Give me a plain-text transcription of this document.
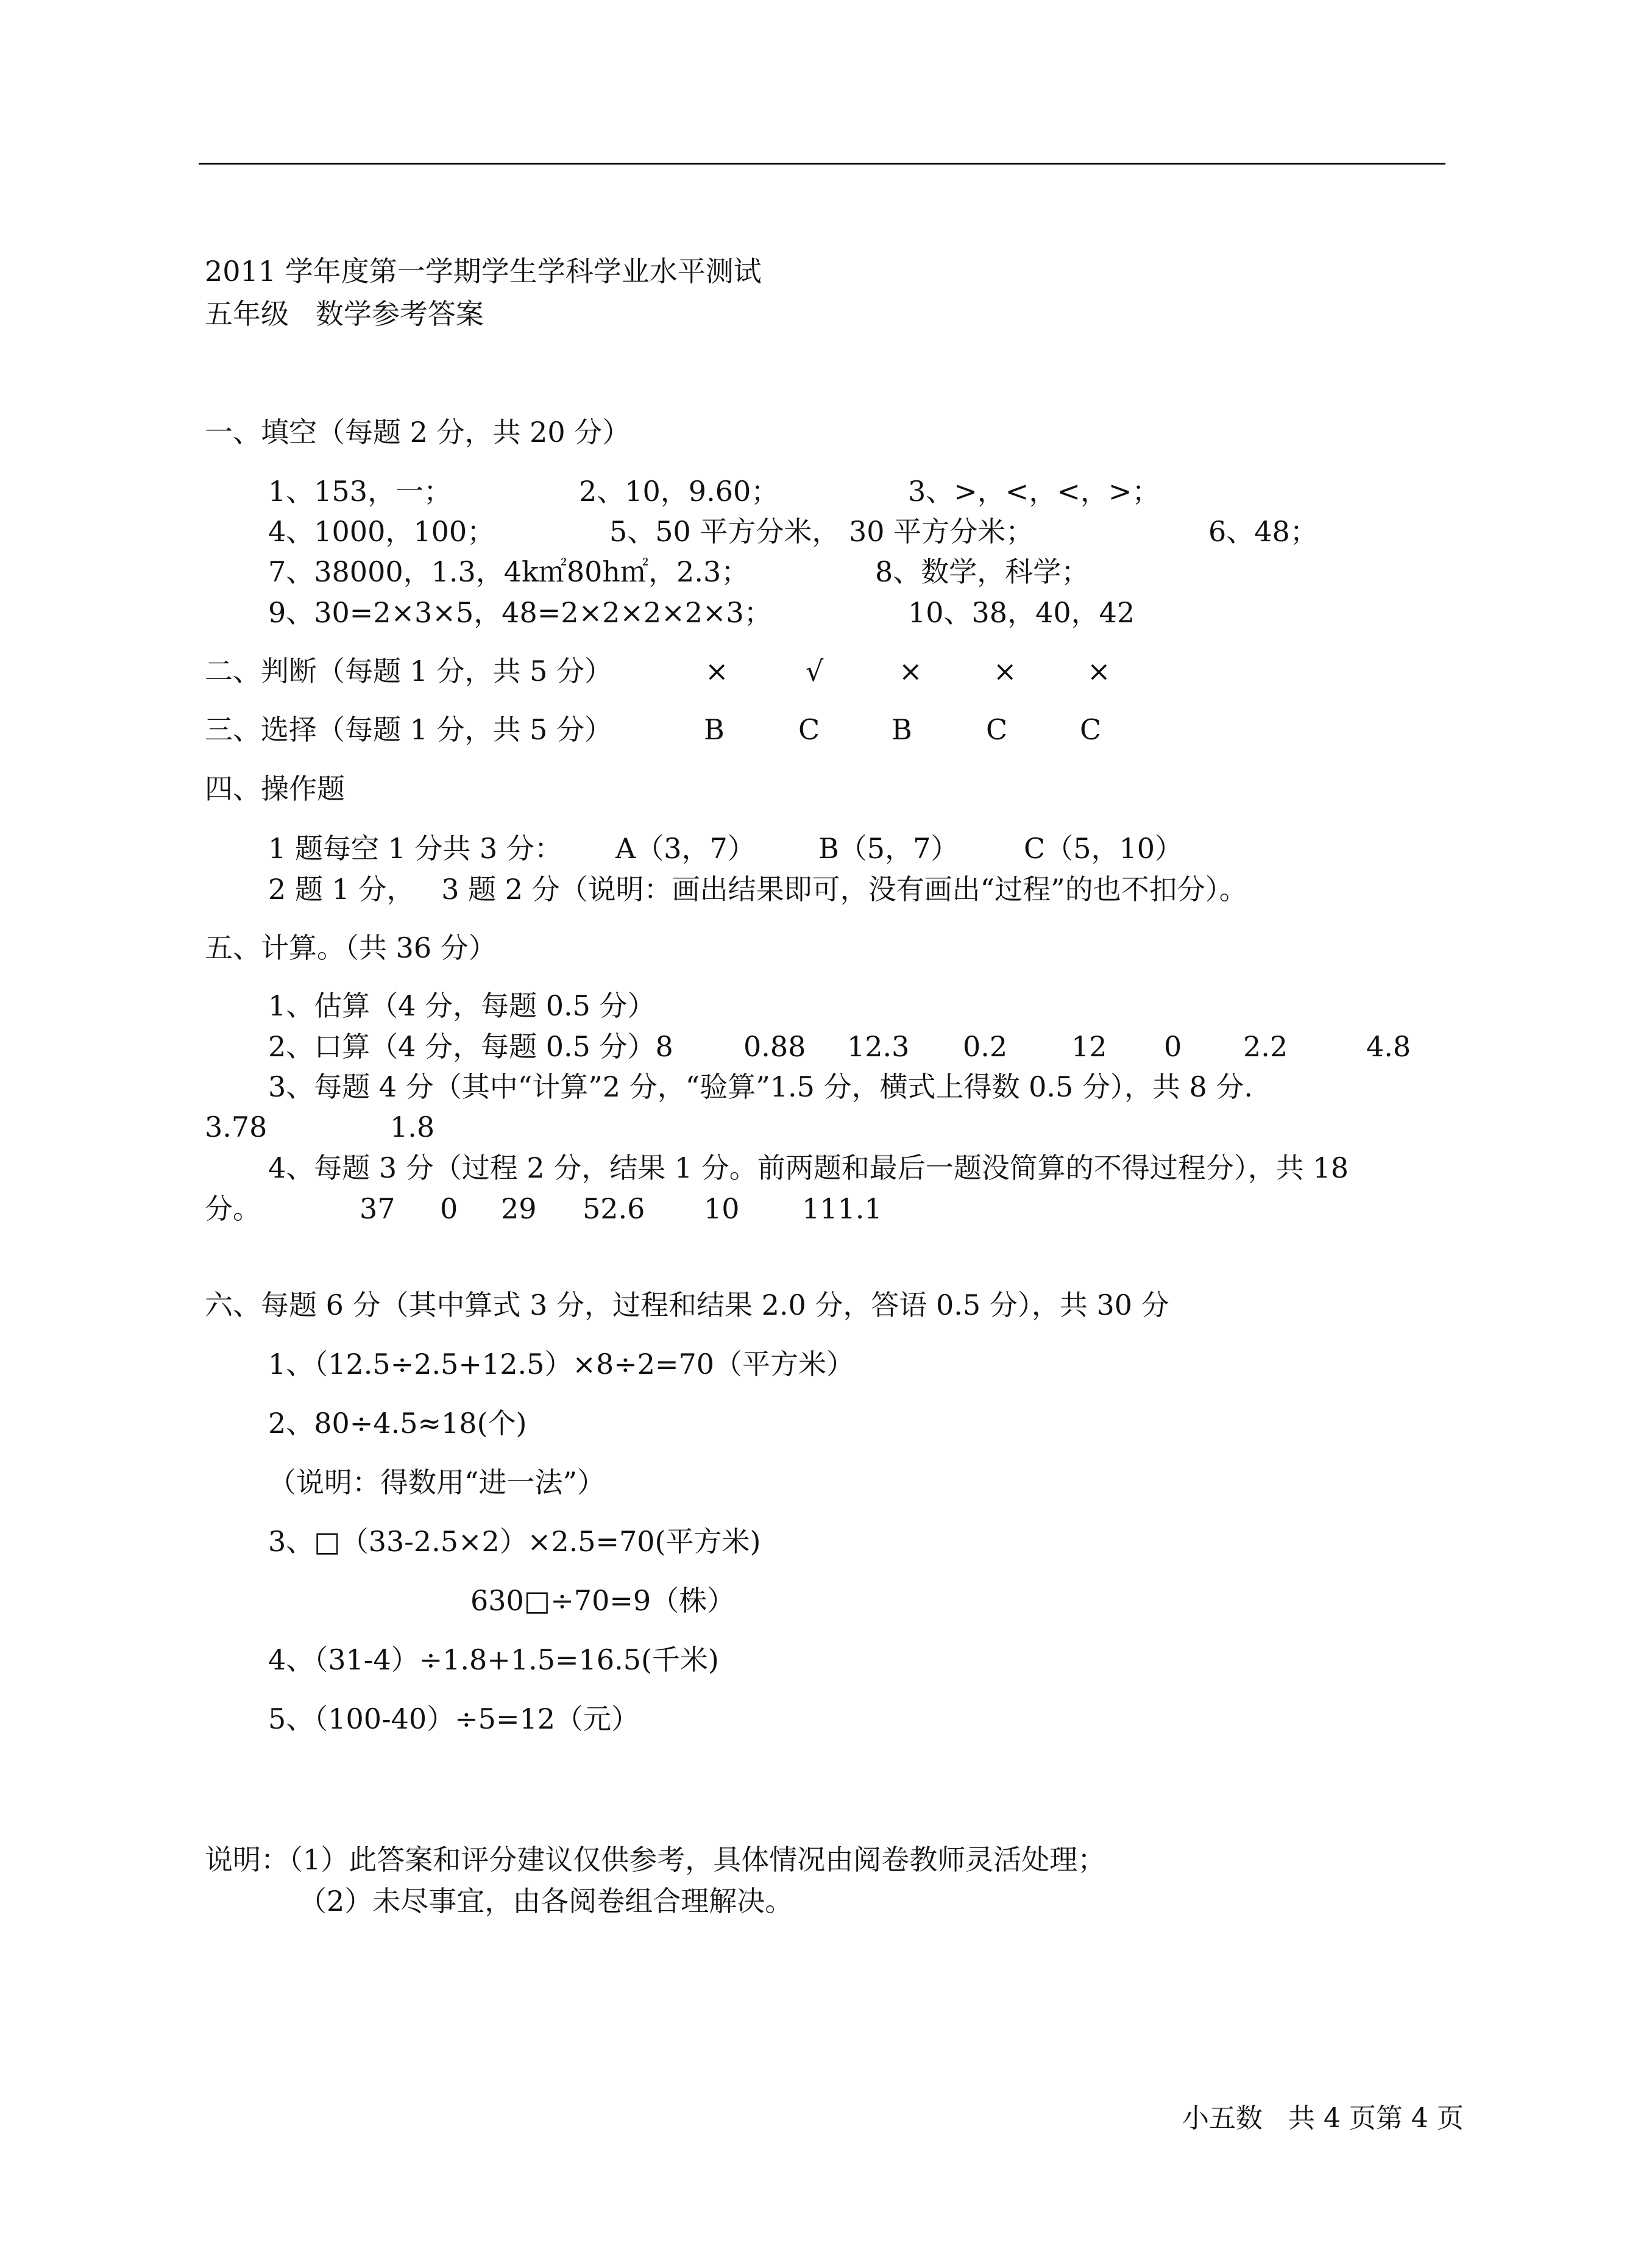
2011 学年度第一学期学生学科学业水平测试

五年级   数学参考答案

一、填空（每题 2 分，共 20 分）

1、153，一；	2、10，9.60；	3、>，<，<，>；

4、1000，100；	5、50 平方分米， 30 平方分米；	6、48；

7、38000，1.3，4k㎡80h㎡，2.3；	8、数学，科学；

9、30=2×3×5，48=2×2×2×2×3；	10、38，40，42

二、判断（每题 1 分，共 5 分）	×	√	×	×	×

三、选择（每题 1 分，共 5 分）	B	C	B	C	C

四、操作题

1 题每空 1 分共 3 分： A（3，7） B（5，7） C（5，10）

2 题 1 分，   3 题 2 分（说明：画出结果即可，没有画出“过程”的也不扣分）。

五、计算。（共 36 分）

1、估算（4 分，每题 0.5 分）

2、口算（4 分，每题 0.5 分）8	0.88 12.3 0.2 12 0 2.2	4.8

3、每题 4 分（其中“计算”2 分，“验算”1.5 分，横式上得数 0.5 分），共 8 分.

3.78	1.8

4、每题 3 分（过程 2 分，结果 1 分。前两题和最后一题没简算的不得过程分），共 18

分。	37 0 29 52.6 10 111.1

六、每题 6 分（其中算式 3 分，过程和结果 2.0 分，答语 0.5 分），共 30 分

1、（12.5÷2.5+12.5）×8÷2=70（平方米）

2、80÷4.5≈18(个)

（说明：得数用“进一法”）

3、□（33-2.5×2）×2.5=70(平方米)

630□÷70=9（株）

4、（31-4）÷1.8+1.5=16.5(千米)

5、（100-40）÷5=12（元）

说明：（1）此答案和评分建议仅供参考，具体情况由阅卷教师灵活处理；

（2）未尽事宜，由各阅卷组合理解决。

小五数   共 4 页第 4 页
